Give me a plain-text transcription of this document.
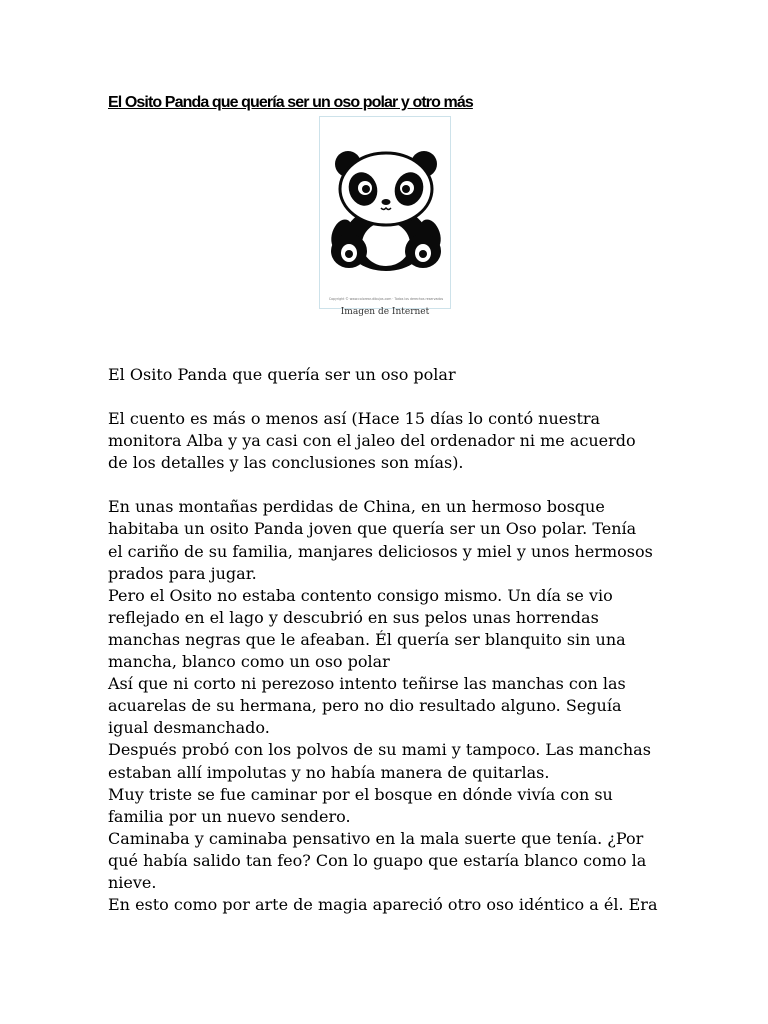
El Osito Panda que quería ser un oso polar y otro más
Copyright © www.colorear-dibujos.com · Todos los derechos reservados
Imagen de Internet

El Osito Panda que quería ser un oso polar

El cuento es más o menos así (Hace 15 días lo contó nuestra

monitora Alba y ya casi con el jaleo del ordenador ni me acuerdo

de los detalles y las conclusiones son mías).

En unas montañas perdidas de China, en un hermoso bosque

habitaba un osito Panda joven que quería ser un Oso polar. Tenía

el cariño de su familia, manjares deliciosos y miel y unos hermosos

prados para jugar.

Pero el Osito no estaba contento consigo mismo. Un día se vio

reflejado en el lago y descubrió en sus pelos unas horrendas

manchas negras que le afeaban. Él quería ser blanquito sin una

mancha, blanco como un oso polar

Así que ni corto ni perezoso intento teñirse las manchas con las

acuarelas de su hermana, pero no dio resultado alguno. Seguía

igual desmanchado.

Después probó con los polvos de su mami y tampoco. Las manchas

estaban allí impolutas y no había manera de quitarlas.

Muy triste se fue caminar por el bosque en dónde vivía con su

familia por un nuevo sendero.

Caminaba y caminaba pensativo en la mala suerte que tenía. ¿Por

qué había salido tan feo? Con lo guapo que estaría blanco como la

nieve.

En esto como por arte de magia apareció otro oso idéntico a él. Era
